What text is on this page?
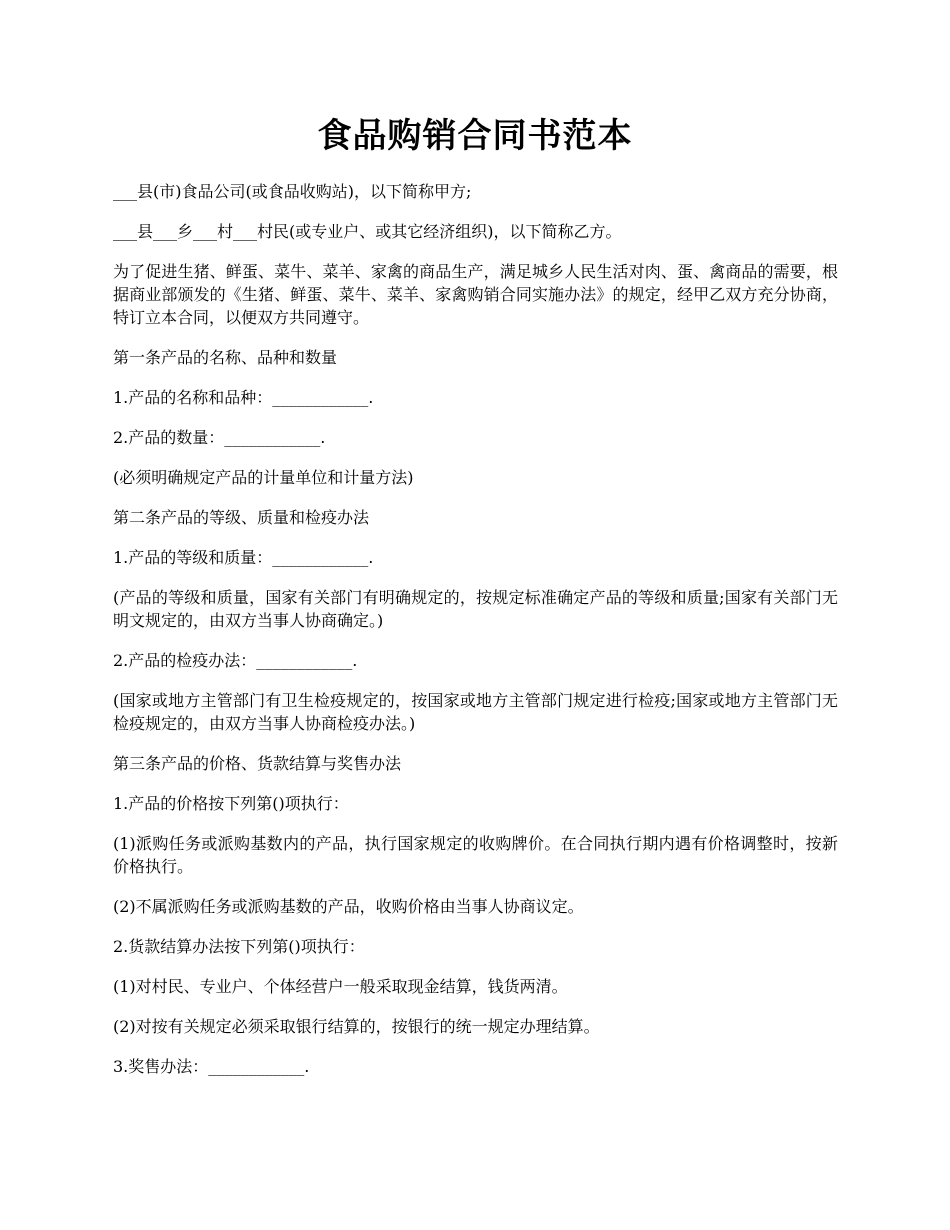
食品购销合同书范本

___县(市)食品公司(或食品收购站)，以下简称甲方;

___县___乡___村___村民(或专业户、或其它经济组织)，以下简称乙方。

为了促进生猪、鲜蛋、菜牛、菜羊、家禽的商品生产，满足城乡人民生活对肉、蛋、禽商品的需要，根据商业部颁发的《生猪、鲜蛋、菜牛、菜羊、家禽购销合同实施办法》的规定，经甲乙双方充分协商，特订立本合同，以便双方共同遵守。

第一条产品的名称、品种和数量

1.产品的名称和品种：____________.

2.产品的数量：____________.

(必须明确规定产品的计量单位和计量方法)

第二条产品的等级、质量和检疫办法

1.产品的等级和质量：____________.

(产品的等级和质量，国家有关部门有明确规定的，按规定标准确定产品的等级和质量;国家有关部门无明文规定的，由双方当事人协商确定。)

2.产品的检疫办法：____________.

(国家或地方主管部门有卫生检疫规定的，按国家或地方主管部门规定进行检疫;国家或地方主管部门无检疫规定的，由双方当事人协商检疫办法。)

第三条产品的价格、货款结算与奖售办法

1.产品的价格按下列第()项执行：

(1)派购任务或派购基数内的产品，执行国家规定的收购牌价。在合同执行期内遇有价格调整时，按新价格执行。

(2)不属派购任务或派购基数的产品，收购价格由当事人协商议定。

2.货款结算办法按下列第()项执行：

(1)对村民、专业户、个体经营户一般采取现金结算，钱货两清。

(2)对按有关规定必须采取银行结算的，按银行的统一规定办理结算。

3.奖售办法：____________.
